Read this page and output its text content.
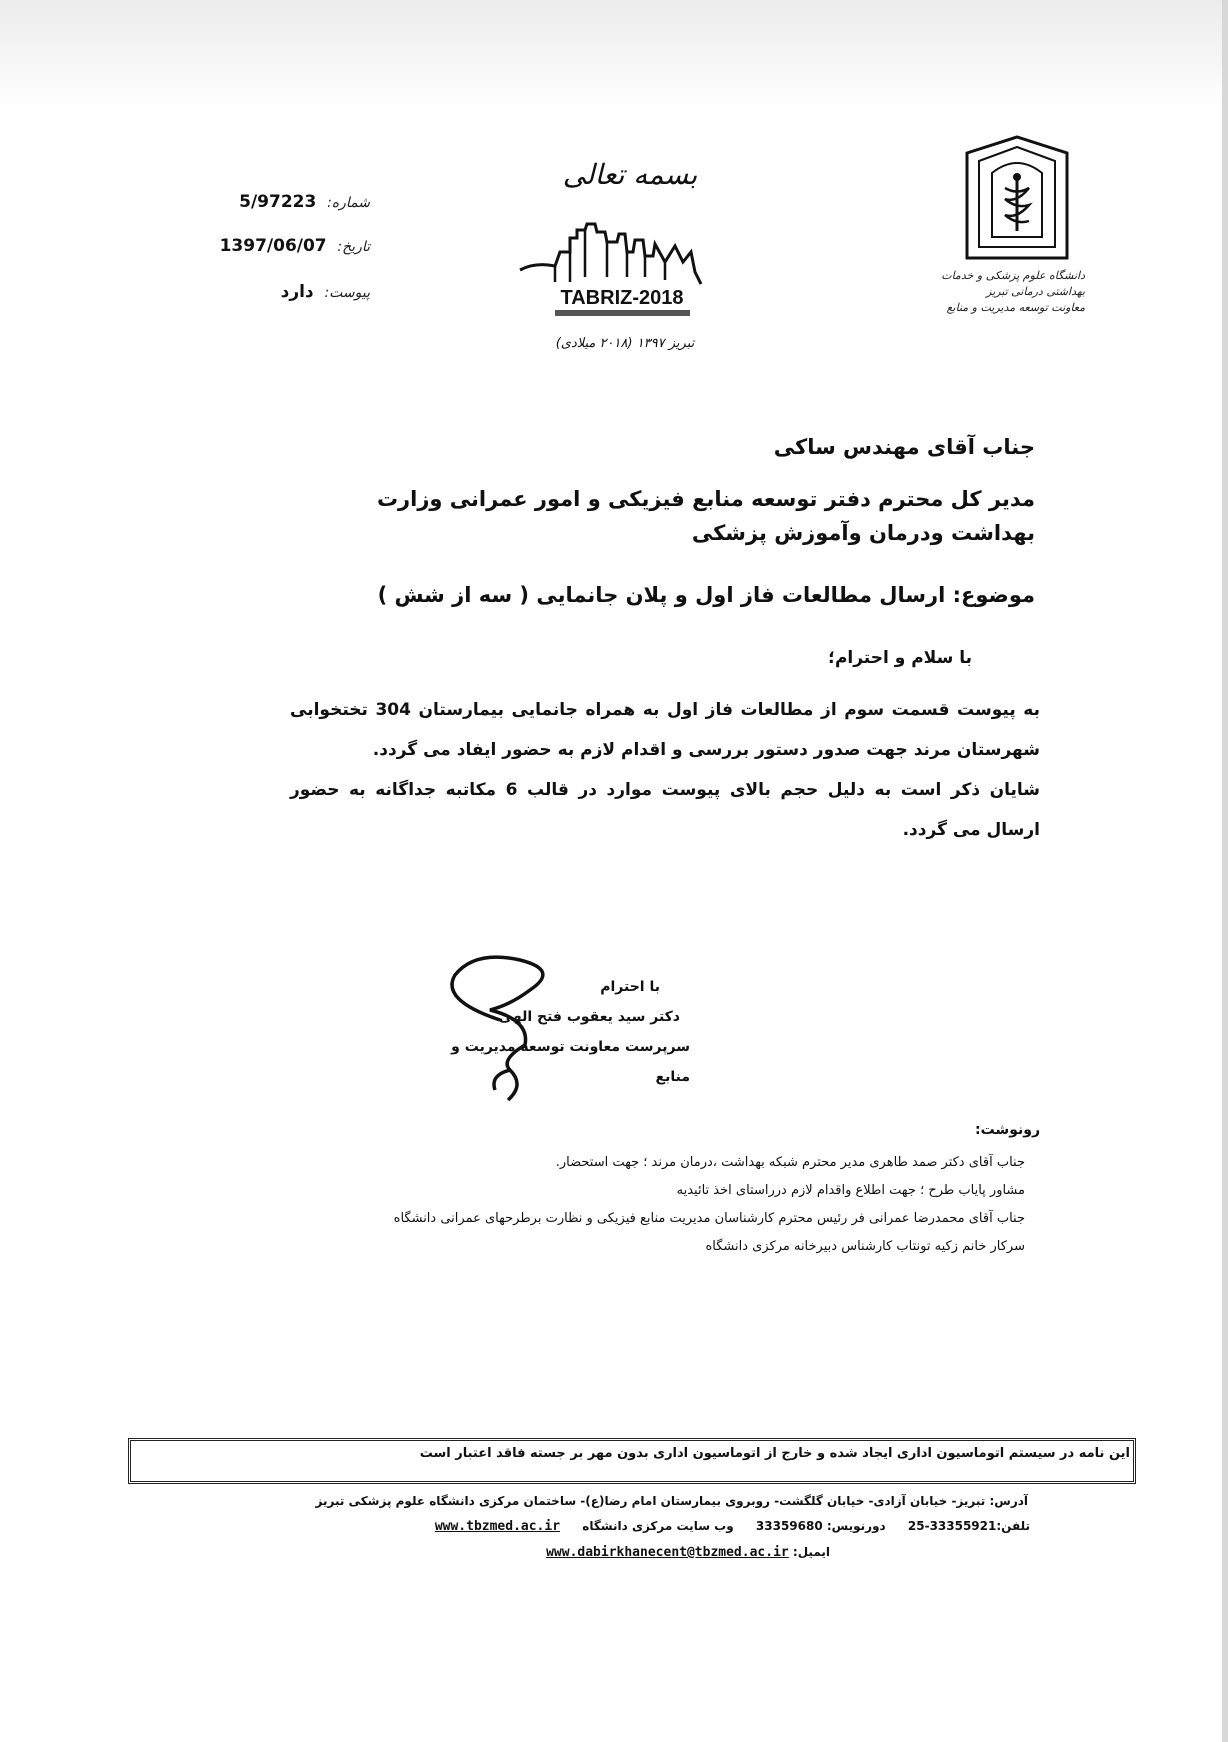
دانشگاه علوم پزشکی و خدمات بهداشتی درمانی تبریز
معاونت توسعه مدیریت و منابع
بسمه تعالی
TABRIZ-2018
تبریز ۱۳۹۷ (۲۰۱۸ میلادی)
شماره: 5/97223
تاریخ: 1397/06/07
پیوست: دارد
جناب آقای مهندس ساکی
مدیر کل محترم دفتر توسعه منابع فیزیکی و امور عمرانی وزارت بهداشت ودرمان وآموزش پزشکی
موضوع: ارسال مطالعات فاز اول و پلان جانمایی ( سه از شش )
با سلام و احترام؛
به پیوست قسمت سوم از مطالعات فاز اول به همراه جانمایی بیمارستان 304 تختخوابی شهرستان مرند جهت صدور دستور بررسی و اقدام لازم به حضور ایفاد می گردد.
شایان ذکر است به دلیل حجم بالای پیوست موارد در قالب 6 مکاتبه جداگانه به حضور ارسال می گردد.
با احترام
دکتر سید یعقوب فتح الهی
سرپرست معاونت توسعه مدیریت و منابع
رونوشت:
جناب آقای دکتر صمد طاهری مدیر محترم شبکه بهداشت ،درمان مرند ؛ جهت استحضار.
مشاور پایاب طرح ؛ جهت اطلاع واقدام لازم درراستای اخذ تائیدیه
جناب آقای محمدرضا عمرانی فر رئیس محترم کارشناسان مدیریت منابع فیزیکی و نظارت برطرحهای عمرانی دانشگاه
سرکار خانم زکیه تونتاب کارشناس دبیرخانه مرکزی دانشگاه
این نامه در سیستم اتوماسیون اداری ایجاد شده و خارج از اتوماسیون اداری بدون مهر بر جسته فاقد اعتبار است
آدرس: تبریز- خیابان آزادی- خیابان گلگشت- روبروی بیمارستان امام رضا(ع)- ساختمان مرکزی دانشگاه علوم پزشکی تبریز
تلفن:33355921-25 دورنویس: 33359680 وب سایت مرکزی دانشگاه www.tbzmed.ac.ir
ایمیل: www.dabirkhanecent@tbzmed.ac.ir
